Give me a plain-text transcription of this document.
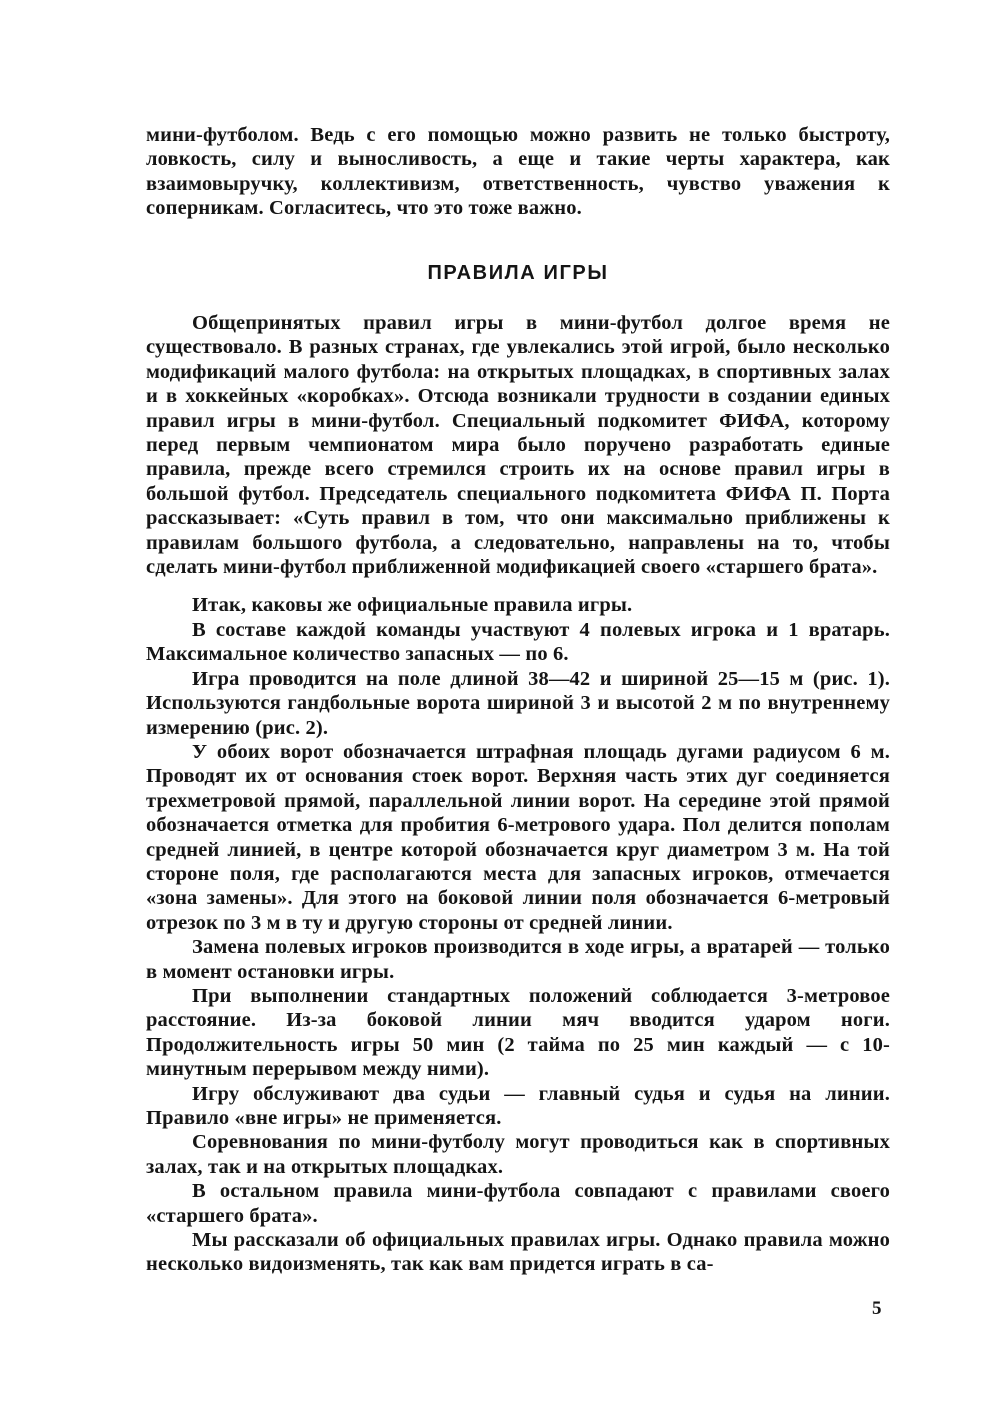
мини-футболом. Ведь с его помощью можно развить не только быстроту, ловкость, силу и выносливость, а еще и такие черты характера, как взаимовыручку, коллективизм, ответственность, чувство уважения к соперникам. Согласитесь, что это тоже важно.

ПРАВИЛА ИГРЫ

Общепринятых правил игры в мини-футбол долгое время не существовало. В разных странах, где увлекались этой игрой, было несколько модификаций малого футбола: на открытых площадках, в спортивных залах и в хоккейных «коробках». Отсюда возникали трудности в создании единых правил игры в мини-футбол. Специальный подкомитет ФИФА, которому перед первым чемпионатом мира было поручено разработать единые правила, прежде всего стремился строить их на основе правил игры в большой футбол. Председатель специального подкомитета ФИФА П. Порта рассказывает: «Суть правил в том, что они максимально приближены к правилам большого футбола, а следовательно, направлены на то, чтобы сделать мини-футбол приближенной модификацией своего «старшего брата».

Итак, каковы же официальные правила игры.

В составе каждой команды участвуют 4 полевых игрока и 1 вратарь. Максимальное количество запасных — по 6.

Игра проводится на поле длиной 38—42 и шириной 25—15 м (рис. 1). Используются гандбольные ворота шириной 3 и высотой 2 м по внутреннему измерению (рис. 2).

У обоих ворот обозначается штрафная площадь дугами радиусом 6 м. Проводят их от основания стоек ворот. Верхняя часть этих дуг соединяется трехметровой прямой, параллельной линии ворот. На середине этой прямой обозначается отметка для пробития 6-метрового удара. Пол делится пополам средней линией, в центре которой обозначается круг диаметром 3 м. На той стороне поля, где располагаются места для запасных игроков, отмечается «зона замены». Для этого на боковой линии поля обозначается 6-метровый отрезок по 3 м в ту и другую стороны от средней линии.

Замена полевых игроков производится в ходе игры, а вратарей — только в момент остановки игры.

При выполнении стандартных положений соблюдается 3-метровое расстояние. Из-за боковой линии мяч вводится ударом ноги. Продолжительность игры 50 мин (2 тайма по 25 мин каждый — с 10-минутным перерывом между ними).

Игру обслуживают два судьи — главный судья и судья на линии. Правило «вне игры» не применяется.

Соревнования по мини-футболу могут проводиться как в спортивных залах, так и на открытых площадках.

В остальном правила мини-футбола совпадают с правилами своего «старшего брата».

Мы рассказали об официальных правилах игры. Однако правила можно несколько видоизменять, так как вам придется играть в са-

5
